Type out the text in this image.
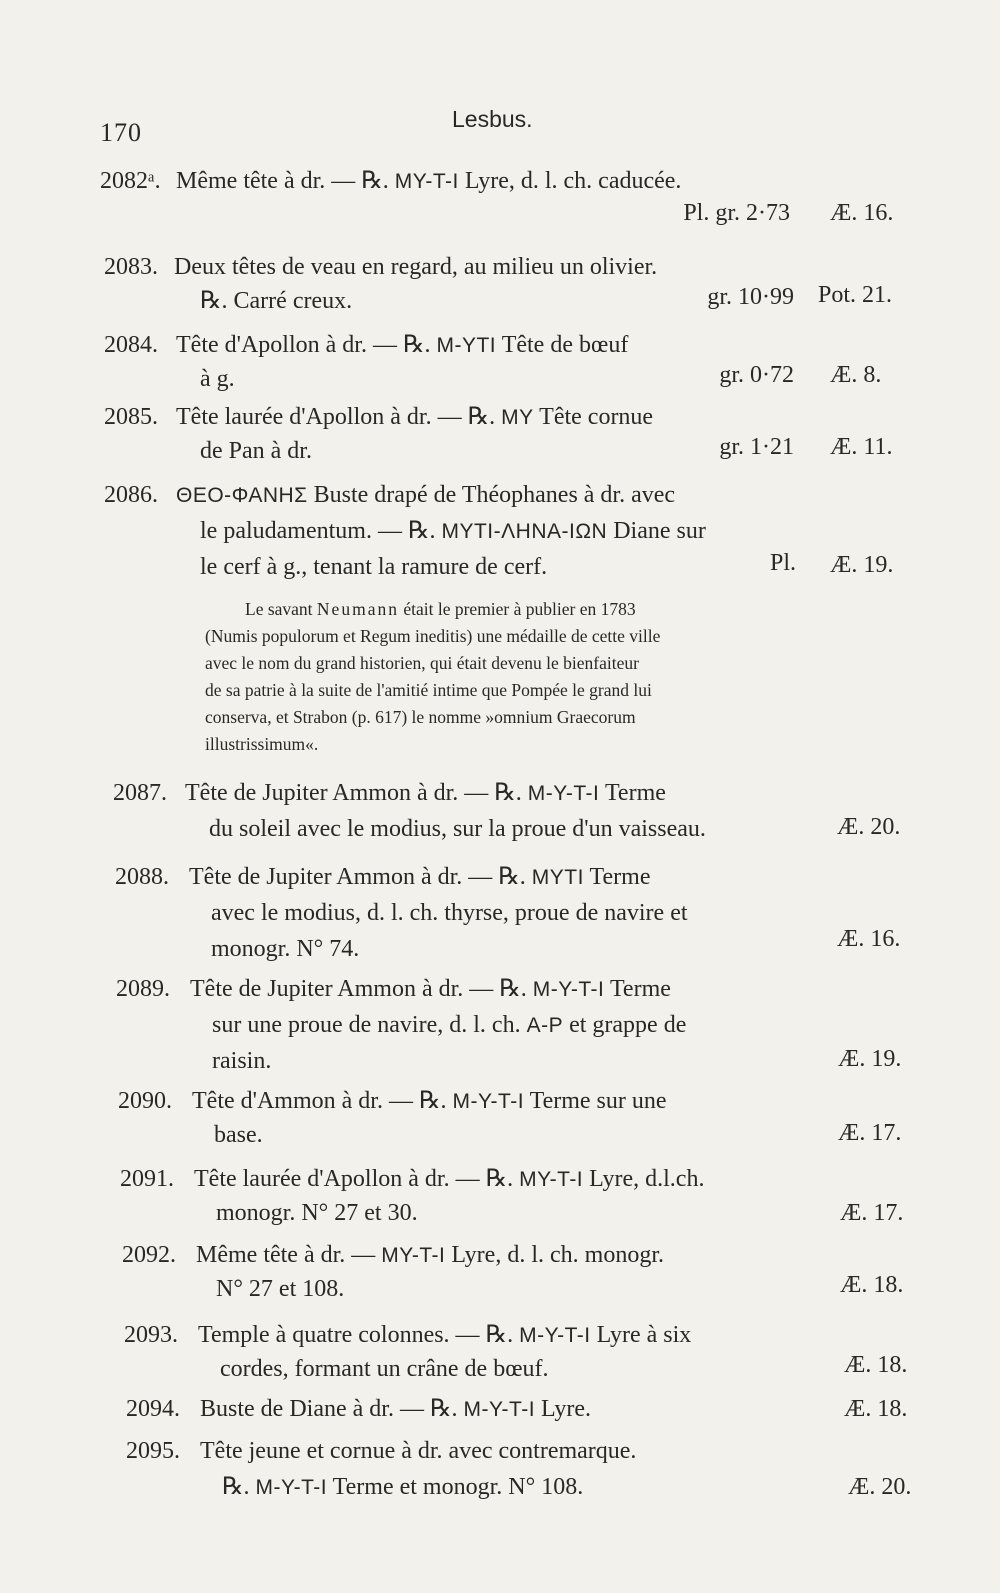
170	Lesbus.
2082ᵃ. Même tête à dr. — ℞. MY-T-I Lyre, d. l. ch. caducée.
Pl. gr. 2·73 Æ. 16.
2083. Deux têtes de veau en regard, au milieu un olivier.
℞. Carré creux.	gr. 10·99 Pot. 21.
2084. Tête d'Apollon à dr. — ℞. M-YTI Tête de bœuf
à g.	gr. 0·72 Æ. 8.
2085. Tête laurée d'Apollon à dr. — ℞. MY Tête cornue
de Pan à dr.	gr. 1·21 Æ. 11.
2086. ΘΕΟ-ΦΑΝΗΣ Buste drapé de Théophanes à dr. avec
le paludamentum. — ℞. MYTI-ΛΗΝΑ-ΙΩΝ Diane sur
le cerf à g., tenant la ramure de cerf.	Pl. Æ. 19.
Le savant Neumann était le premier à publier en 1783
(Numis populorum et Regum ineditis) une médaille de cette ville
avec le nom du grand historien, qui était devenu le bienfaiteur
de sa patrie à la suite de l'amitié intime que Pompée le grand lui
conserva, et Strabon (p. 617) le nomme »omnium Graecorum
illustrissimum«.
2087. Tête de Jupiter Ammon à dr. — ℞. M-Y-T-I Terme
du soleil avec le modius, sur la proue d'un vaisseau.	Æ. 20.
2088. Tête de Jupiter Ammon à dr. — ℞. MYTI Terme
avec le modius, d. l. ch. thyrse, proue de navire et
monogr. N° 74.	Æ. 16.
2089. Tête de Jupiter Ammon à dr. — ℞. M-Y-T-I Terme
sur une proue de navire, d. l. ch. A-P et grappe de
raisin.	Æ. 19.
2090. Tête d'Ammon à dr. — ℞. M-Y-T-I Terme sur une
base.	Æ. 17.
2091. Tête laurée d'Apollon à dr. — ℞. MY-T-I Lyre, d.l.ch.
monogr. N° 27 et 30.	Æ. 17.
2092. Même tête à dr. — MY-T-I Lyre, d. l. ch. monogr.
N° 27 et 108.	Æ. 18.
2093. Temple à quatre colonnes. — ℞. M-Y-T-I Lyre à six
cordes, formant un crâne de bœuf.	Æ. 18.
2094. Buste de Diane à dr. — ℞. M-Y-T-I Lyre.	Æ. 18.
2095. Tête jeune et cornue à dr. avec contremarque.
℞. M-Y-T-I Terme et monogr. N° 108.	Æ. 20.
